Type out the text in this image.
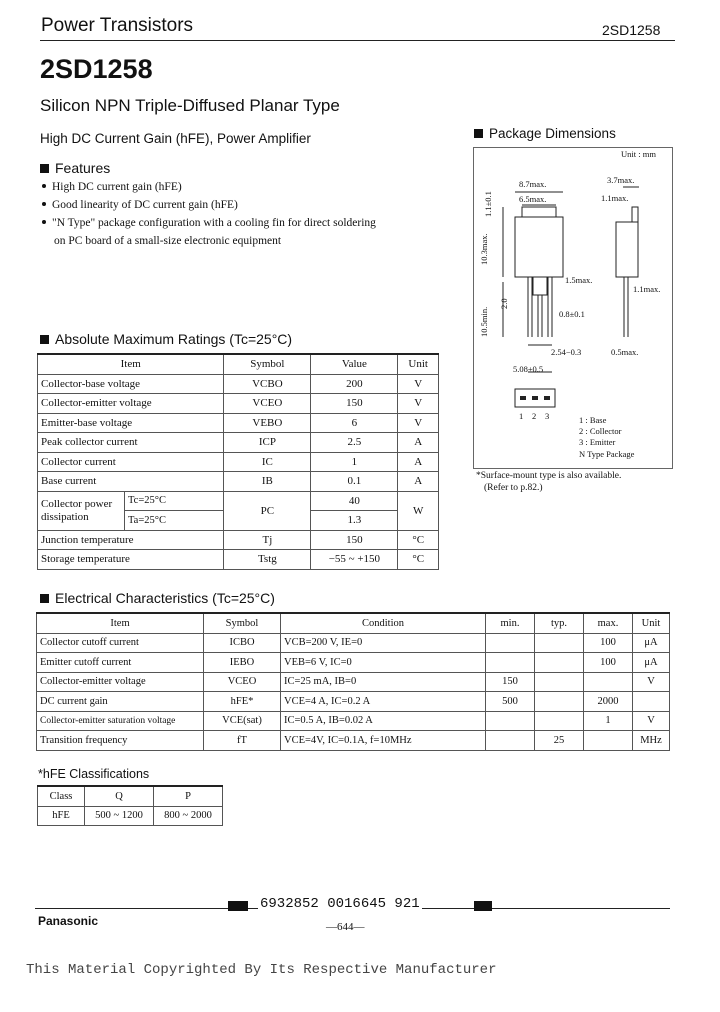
Power Transistors	2SD1258
2SD1258
Silicon NPN Triple-Diffused Planar Type
High DC Current Gain (hFE), Power Amplifier
Features
High DC current gain (hFE)
Good linearity of DC current gain (hFE)
"N Type" package configuration with a cooling fin for direct soldering
on PC board of a small-size electronic equipment
Absolute Maximum Ratings (Tc=25°C)
Item		Symbol	Value	Unit
Collector-base voltage		VCBO	200	V
Collector-emitter voltage		VCEO	150	V
Emitter-base voltage		VEBO	6	V
Peak collector current		ICP	2.5	A
Collector current		IC	1	A
Base current		IB	0.1	A
Collector power dissipation	Tc=25°C	PC	40	W
	Ta=25°C		1.3	
Junction temperature		Tj	150	°C
Storage temperature		Tstg	−55 ~ +150	°C
Package Dimensions
Unit : mm
8.7max.
6.5max.
1.1±0.1
10.3max.
10.5min.
2.0
1.5max.
0.8±0.1
2.54−0.3
5.08±0.5
3.7max.
1.1max.
1.1max.
0.5max.
1 2 3	1 : Base
2 : Collector
3 : Emitter
N Type Package
*Surface-mount type is also available.
(Refer to p.82.)
Electrical Characteristics (Tc=25°C)
Item	Symbol	Condition	min.	typ.	max.	Unit
Collector cutoff current	ICBO	VCB=200 V, IE=0			100	μA
Emitter cutoff current	IEBO	VEB=6 V, IC=0			100	μA
Collector-emitter voltage	VCEO	IC=25 mA, IB=0	150			V
DC current gain	hFE*	VCE=4 A, IC=0.2 A	500		2000	
Collector-emitter saturation voltage	VCE(sat)	IC=0.5 A, IB=0.02 A			1	V
Transition frequency	fT	VCE=4V, IC=0.1A, f=10MHz		25		MHz
*hFE Classifications
Class	Q	P
hFE	500 ~ 1200	800 ~ 2000
6932852 0016645 921
Panasonic	—644—
This Material Copyrighted By Its Respective Manufacturer
